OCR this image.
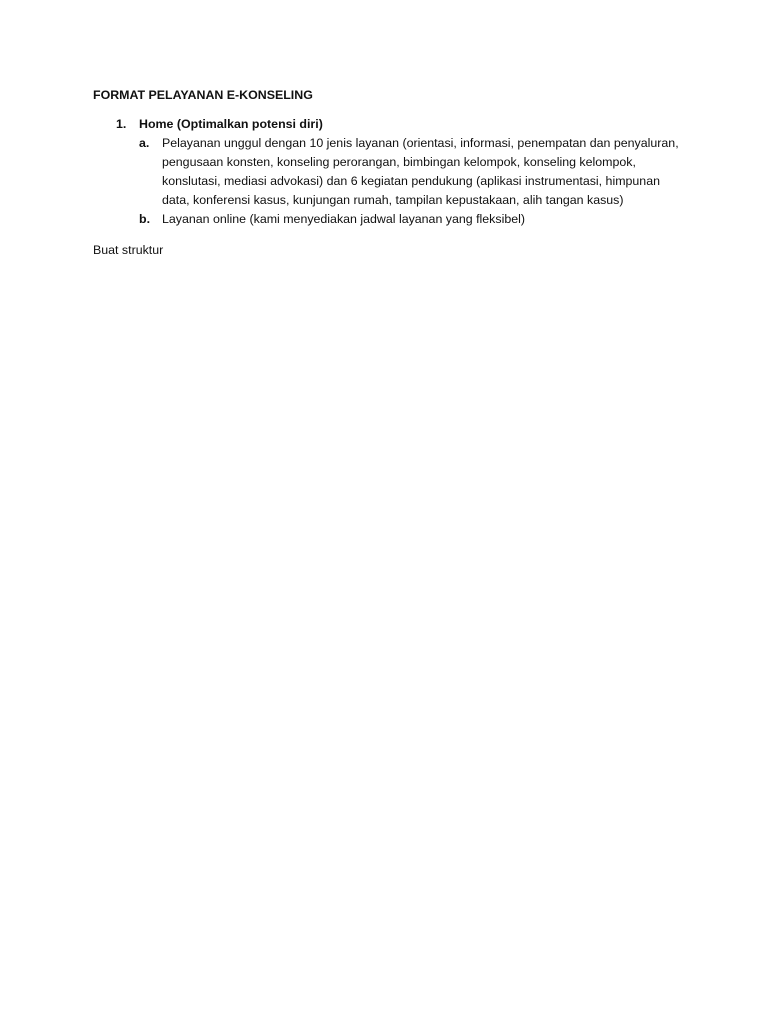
FORMAT PELAYANAN E-KONSELING
1. Home (Optimalkan potensi diri)
a. Pelayanan unggul dengan 10 jenis layanan (orientasi, informasi, penempatan dan penyaluran, pengusaan konsten, konseling perorangan, bimbingan kelompok, konseling kelompok, konslutasi, mediasi advokasi) dan 6 kegiatan pendukung (aplikasi instrumentasi, himpunan data, konferensi kasus, kunjungan rumah, tampilan kepustakaan, alih tangan kasus)
b. Layanan online (kami menyediakan jadwal layanan yang fleksibel)
Buat struktur
